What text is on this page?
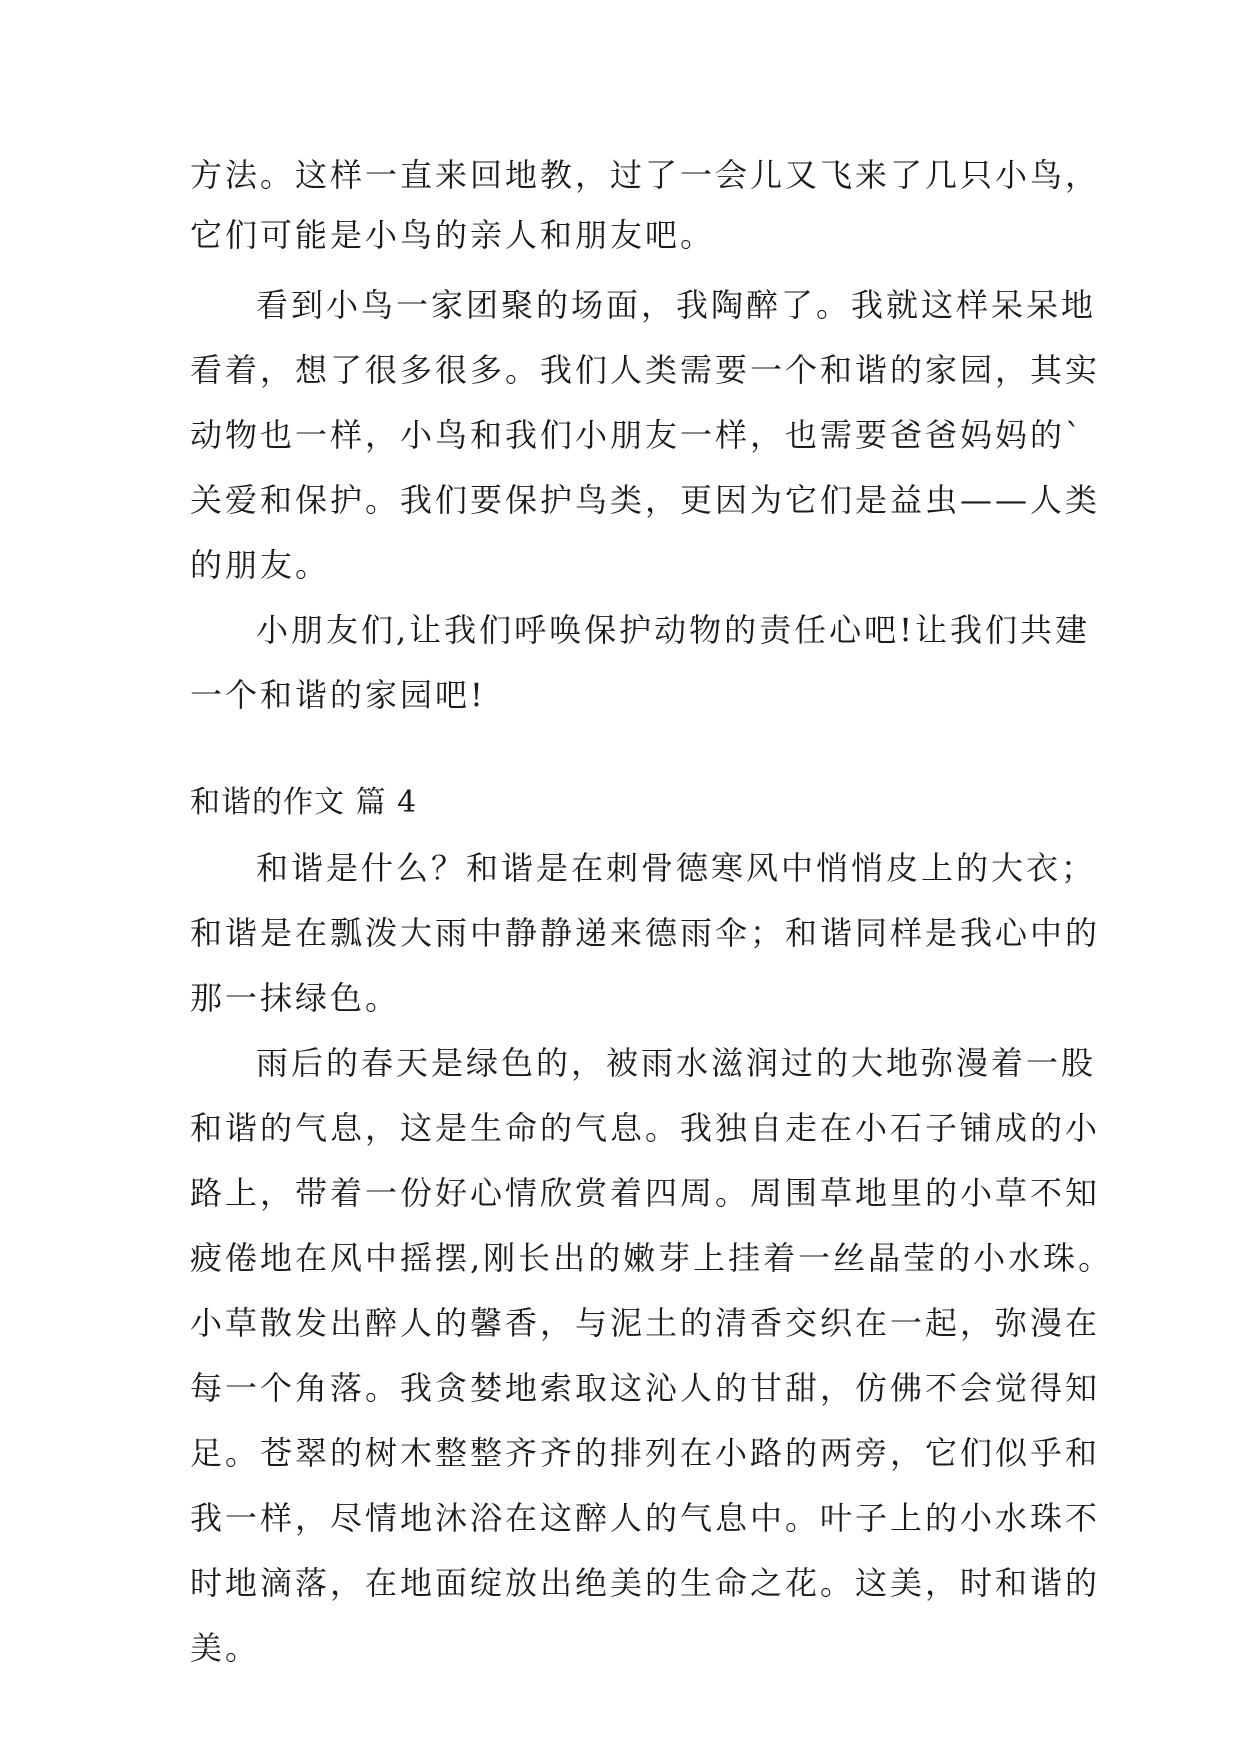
方法。这样一直来回地教，过了一会儿又飞来了几只小鸟，
它们可能是小鸟的亲人和朋友吧。
看到小鸟一家团聚的场面，我陶醉了。我就这样呆呆地
看着，想了很多很多。我们人类需要一个和谐的家园，其实
动物也一样，小鸟和我们小朋友一样，也需要爸爸妈妈的`
关爱和保护。我们要保护鸟类，更因为它们是益虫——人类
的朋友。
小朋友们,让我们呼唤保护动物的责任心吧!让我们共建
一个和谐的家园吧!
和谐的作文 篇 4
和谐是什么？和谐是在刺骨德寒风中悄悄皮上的大衣；
和谐是在瓢泼大雨中静静递来德雨伞；和谐同样是我心中的
那一抹绿色。
雨后的春天是绿色的，被雨水滋润过的大地弥漫着一股
和谐的气息，这是生命的气息。我独自走在小石子铺成的小
路上，带着一份好心情欣赏着四周。周围草地里的小草不知
疲倦地在风中摇摆,刚长出的嫩芽上挂着一丝晶莹的小水珠。
小草散发出醉人的馨香，与泥土的清香交织在一起，弥漫在
每一个角落。我贪婪地索取这沁人的甘甜，仿佛不会觉得知
足。苍翠的树木整整齐齐的排列在小路的两旁，它们似乎和
我一样，尽情地沐浴在这醉人的气息中。叶子上的小水珠不
时地滴落，在地面绽放出绝美的生命之花。这美，时和谐的
美。
